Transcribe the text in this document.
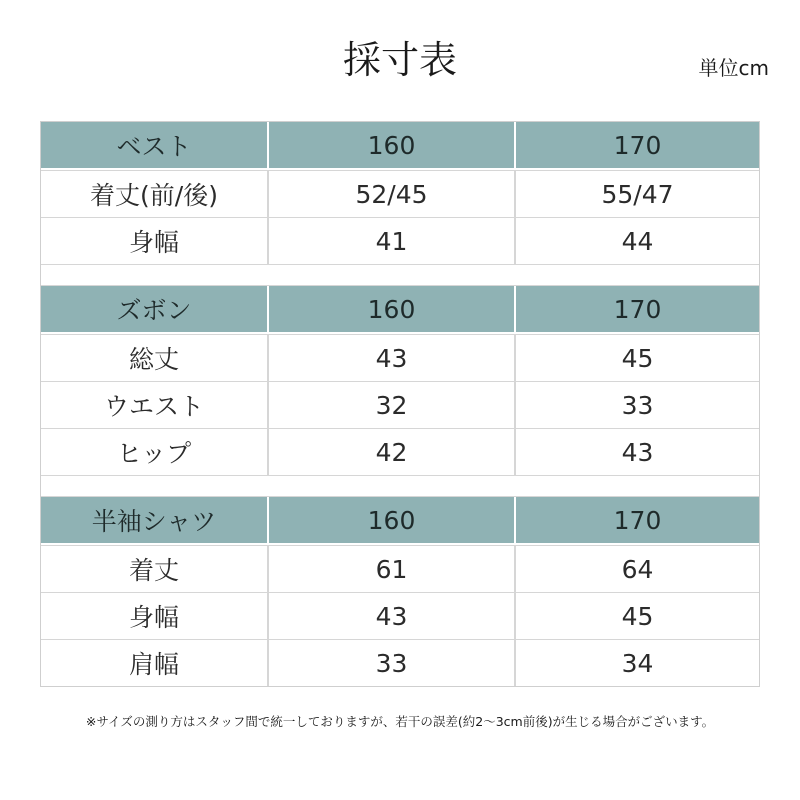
採寸表	単位cm
ベスト	160	170
着丈(前/後)	52/45	55/47
身幅	41	44
ズボン	160	170
総丈	43	45
ウエスト	32	33
ヒップ	42	43
半袖シャツ	160	170
着丈	61	64
身幅	43	45
肩幅	33	34
※サイズの測り方はスタッフ間で統一しておりますが、若干の誤差(約2～3cm前後)が生じる場合がございます。
